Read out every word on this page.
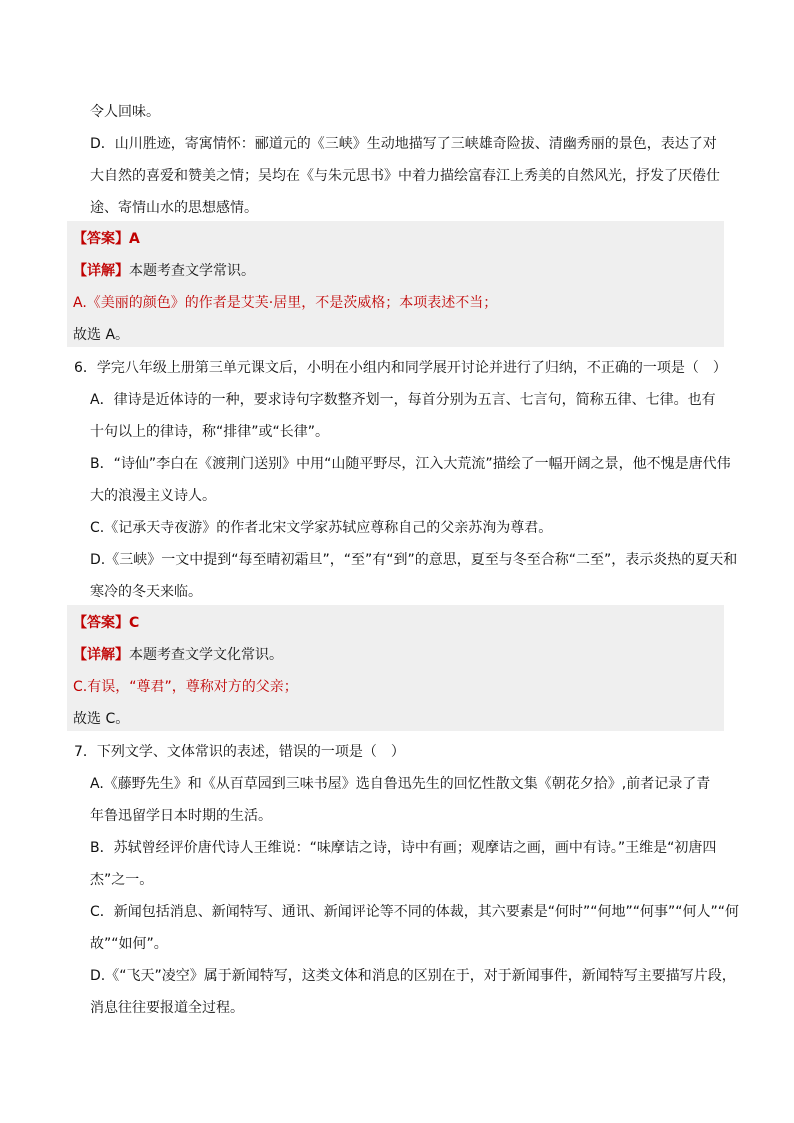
令人回味。
D．山川胜迹，寄寓情怀：郦道元的《三峡》生动地描写了三峡雄奇险拔、清幽秀丽的景色，表达了对
大自然的喜爱和赞美之情；吴均在《与朱元思书》中着力描绘富春江上秀美的自然风光，抒发了厌倦仕
途、寄情山水的思想感情。
【答案】A
【详解】本题考查文学常识。
A.《美丽的颜色》的作者是艾芙·居里，不是茨威格；本项表述不当；
故选 A。
6．学完八年级上册第三单元课文后，小明在小组内和同学展开讨论并进行了归纳，不正确的一项是（　）
A．律诗是近体诗的一种，要求诗句字数整齐划一，每首分别为五言、七言句，简称五律、七律。也有
十句以上的律诗，称“排律”或“长律”。
B．“诗仙”李白在《渡荆门送别》中用“山随平野尽，江入大荒流”描绘了一幅开阔之景，他不愧是唐代伟
大的浪漫主义诗人。
C.《记承天寺夜游》的作者北宋文学家苏轼应尊称自己的父亲苏洵为尊君。
D.《三峡》一文中提到“每至晴初霜旦”，“至”有“到”的意思，夏至与冬至合称“二至”，表示炎热的夏天和
寒冷的冬天来临。
【答案】C
【详解】本题考查文学文化常识。
C.有误，“尊君”，尊称对方的父亲；
故选 C。
7．下列文学、文体常识的表述，错误的一项是（　）
A.《藤野先生》和《从百草园到三味书屋》选自鲁迅先生的回忆性散文集《朝花夕拾》,前者记录了青
年鲁迅留学日本时期的生活。
B．苏轼曾经评价唐代诗人王维说：“味摩诘之诗，诗中有画；观摩诘之画，画中有诗。”王维是“初唐四
杰”之一。
C．新闻包括消息、新闻特写、通讯、新闻评论等不同的体裁，其六要素是“何时”“何地”“何事”“何人”“何
故”“如何”。
D.《“飞天”凌空》属于新闻特写，这类文体和消息的区别在于，对于新闻事件，新闻特写主要描写片段，
消息往往要报道全过程。
